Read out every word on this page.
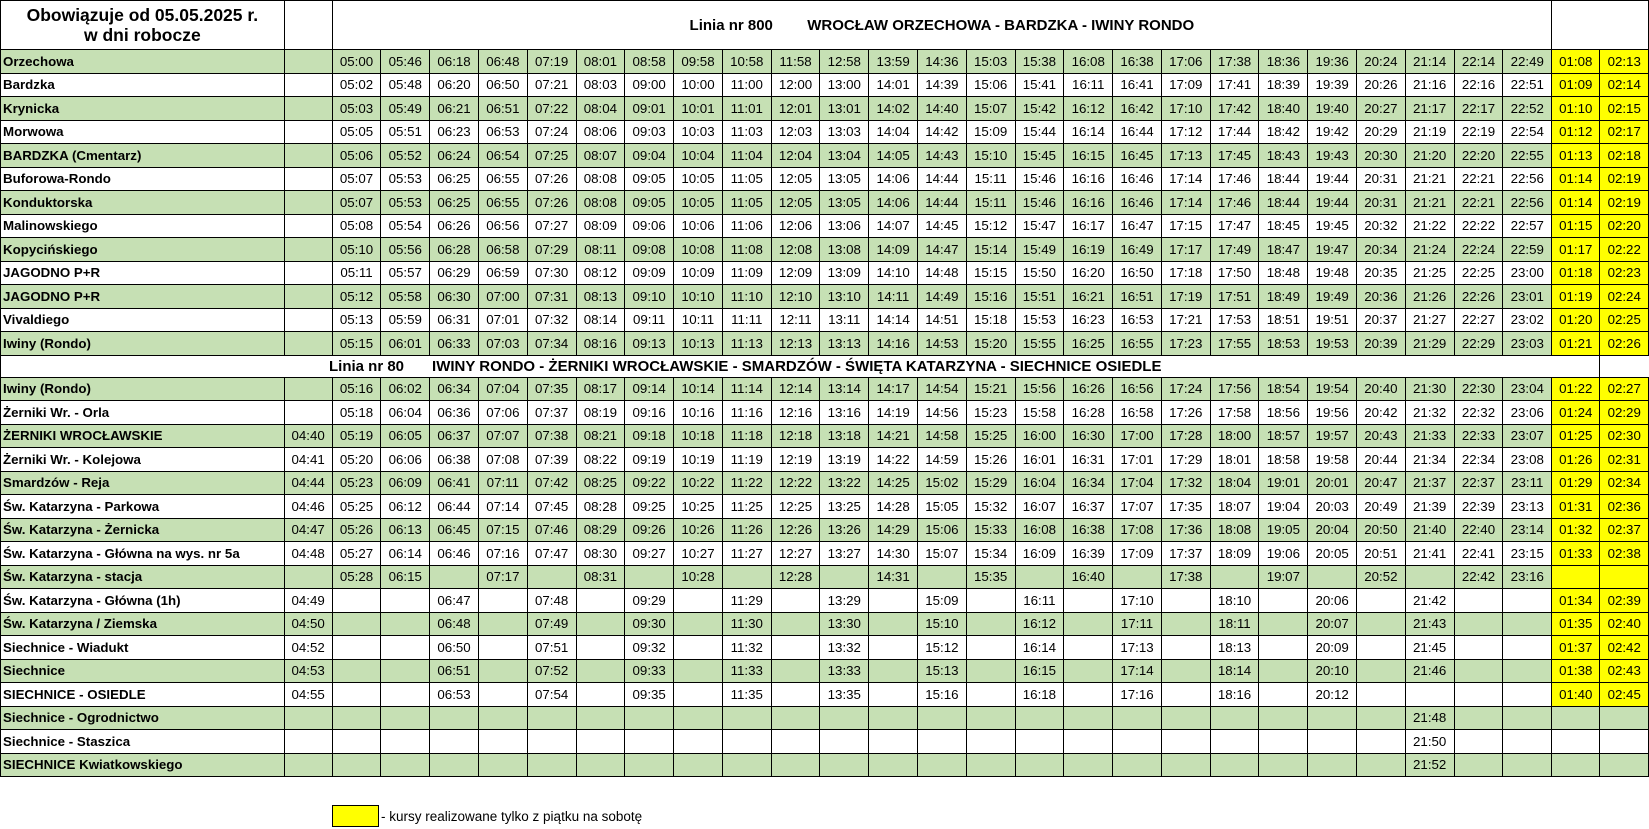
Obowiązuje od 05.05.2025 r.
w dni robocze		Linia nr 800 WROCŁAW ORZECHOWA - BARDZKA - IWINY RONDO																										
Orzechowa		05:00	05:46	06:18	06:48	07:19	08:01	08:58	09:58	10:58	11:58	12:58	13:59	14:36	15:03	15:38	16:08	16:38	17:06	17:38	18:36	19:36	20:24	21:14	22:14	22:49	01:08	02:13
Bardzka		05:02	05:48	06:20	06:50	07:21	08:03	09:00	10:00	11:00	12:00	13:00	14:01	14:39	15:06	15:41	16:11	16:41	17:09	17:41	18:39	19:39	20:26	21:16	22:16	22:51	01:09	02:14
Krynicka		05:03	05:49	06:21	06:51	07:22	08:04	09:01	10:01	11:01	12:01	13:01	14:02	14:40	15:07	15:42	16:12	16:42	17:10	17:42	18:40	19:40	20:27	21:17	22:17	22:52	01:10	02:15
Morwowa		05:05	05:51	06:23	06:53	07:24	08:06	09:03	10:03	11:03	12:03	13:03	14:04	14:42	15:09	15:44	16:14	16:44	17:12	17:44	18:42	19:42	20:29	21:19	22:19	22:54	01:12	02:17
BARDZKA (Cmentarz)		05:06	05:52	06:24	06:54	07:25	08:07	09:04	10:04	11:04	12:04	13:04	14:05	14:43	15:10	15:45	16:15	16:45	17:13	17:45	18:43	19:43	20:30	21:20	22:20	22:55	01:13	02:18
Buforowa-Rondo		05:07	05:53	06:25	06:55	07:26	08:08	09:05	10:05	11:05	12:05	13:05	14:06	14:44	15:11	15:46	16:16	16:46	17:14	17:46	18:44	19:44	20:31	21:21	22:21	22:56	01:14	02:19
Konduktorska		05:07	05:53	06:25	06:55	07:26	08:08	09:05	10:05	11:05	12:05	13:05	14:06	14:44	15:11	15:46	16:16	16:46	17:14	17:46	18:44	19:44	20:31	21:21	22:21	22:56	01:14	02:19
Malinowskiego		05:08	05:54	06:26	06:56	07:27	08:09	09:06	10:06	11:06	12:06	13:06	14:07	14:45	15:12	15:47	16:17	16:47	17:15	17:47	18:45	19:45	20:32	21:22	22:22	22:57	01:15	02:20
Kopycińskiego		05:10	05:56	06:28	06:58	07:29	08:11	09:08	10:08	11:08	12:08	13:08	14:09	14:47	15:14	15:49	16:19	16:49	17:17	17:49	18:47	19:47	20:34	21:24	22:24	22:59	01:17	02:22
JAGODNO P+R		05:11	05:57	06:29	06:59	07:30	08:12	09:09	10:09	11:09	12:09	13:09	14:10	14:48	15:15	15:50	16:20	16:50	17:18	17:50	18:48	19:48	20:35	21:25	22:25	23:00	01:18	02:23
JAGODNO P+R		05:12	05:58	06:30	07:00	07:31	08:13	09:10	10:10	11:10	12:10	13:10	14:11	14:49	15:16	15:51	16:21	16:51	17:19	17:51	18:49	19:49	20:36	21:26	22:26	23:01	01:19	02:24
Vivaldiego		05:13	05:59	06:31	07:01	07:32	08:14	09:11	10:11	11:11	12:11	13:11	14:14	14:51	15:18	15:53	16:23	16:53	17:21	17:53	18:51	19:51	20:37	21:27	22:27	23:02	01:20	02:25
Iwiny (Rondo)		05:15	06:01	06:33	07:03	07:34	08:16	09:13	10:13	11:13	12:13	13:13	14:16	14:53	15:20	15:55	16:25	16:55	17:23	17:55	18:53	19:53	20:39	21:29	22:29	23:03	01:21	02:26
Linia nr 80 IWINY RONDO - ŻERNIKI WROCŁAWSKIE - SMARDZÓW - ŚWIĘTA KATARZYNA - SIECHNICE OSIEDLE																												
Iwiny (Rondo)		05:16	06:02	06:34	07:04	07:35	08:17	09:14	10:14	11:14	12:14	13:14	14:17	14:54	15:21	15:56	16:26	16:56	17:24	17:56	18:54	19:54	20:40	21:30	22:30	23:04	01:22	02:27
Żerniki Wr. - Orla		05:18	06:04	06:36	07:06	07:37	08:19	09:16	10:16	11:16	12:16	13:16	14:19	14:56	15:23	15:58	16:28	16:58	17:26	17:58	18:56	19:56	20:42	21:32	22:32	23:06	01:24	02:29
ŻERNIKI WROCŁAWSKIE	04:40	05:19	06:05	06:37	07:07	07:38	08:21	09:18	10:18	11:18	12:18	13:18	14:21	14:58	15:25	16:00	16:30	17:00	17:28	18:00	18:57	19:57	20:43	21:33	22:33	23:07	01:25	02:30
Żerniki Wr. - Kolejowa	04:41	05:20	06:06	06:38	07:08	07:39	08:22	09:19	10:19	11:19	12:19	13:19	14:22	14:59	15:26	16:01	16:31	17:01	17:29	18:01	18:58	19:58	20:44	21:34	22:34	23:08	01:26	02:31
Smardzów - Reja	04:44	05:23	06:09	06:41	07:11	07:42	08:25	09:22	10:22	11:22	12:22	13:22	14:25	15:02	15:29	16:04	16:34	17:04	17:32	18:04	19:01	20:01	20:47	21:37	22:37	23:11	01:29	02:34
Św. Katarzyna - Parkowa	04:46	05:25	06:12	06:44	07:14	07:45	08:28	09:25	10:25	11:25	12:25	13:25	14:28	15:05	15:32	16:07	16:37	17:07	17:35	18:07	19:04	20:03	20:49	21:39	22:39	23:13	01:31	02:36
Św. Katarzyna - Żernicka	04:47	05:26	06:13	06:45	07:15	07:46	08:29	09:26	10:26	11:26	12:26	13:26	14:29	15:06	15:33	16:08	16:38	17:08	17:36	18:08	19:05	20:04	20:50	21:40	22:40	23:14	01:32	02:37
Św. Katarzyna - Główna na wys. nr 5a	04:48	05:27	06:14	06:46	07:16	07:47	08:30	09:27	10:27	11:27	12:27	13:27	14:30	15:07	15:34	16:09	16:39	17:09	17:37	18:09	19:06	20:05	20:51	21:41	22:41	23:15	01:33	02:38
Św. Katarzyna - stacja		05:28	06:15		07:17		08:31		10:28		12:28		14:31		15:35		16:40		17:38		19:07		20:52		22:42	23:16		
Św. Katarzyna - Główna (1h)	04:49			06:47		07:48		09:29		11:29		13:29		15:09		16:11		17:10		18:10		20:06		21:42			01:34	02:39
Św. Katarzyna / Ziemska	04:50			06:48		07:49		09:30		11:30		13:30		15:10		16:12		17:11		18:11		20:07		21:43			01:35	02:40
Siechnice - Wiadukt	04:52			06:50		07:51		09:32		11:32		13:32		15:12		16:14		17:13		18:13		20:09		21:45			01:37	02:42
Siechnice	04:53			06:51		07:52		09:33		11:33		13:33		15:13		16:15		17:14		18:14		20:10		21:46			01:38	02:43
SIECHNICE - OSIEDLE	04:55			06:53		07:54		09:35		11:35		13:35		15:16		16:18		17:16		18:16		20:12					01:40	02:45
Siechnice - Ogrodnictwo																								21:48				
Siechnice - Staszica																								21:50				
SIECHNICE Kwiatkowskiego																								21:52				
- kursy realizowane tylko z piątku na sobotę
